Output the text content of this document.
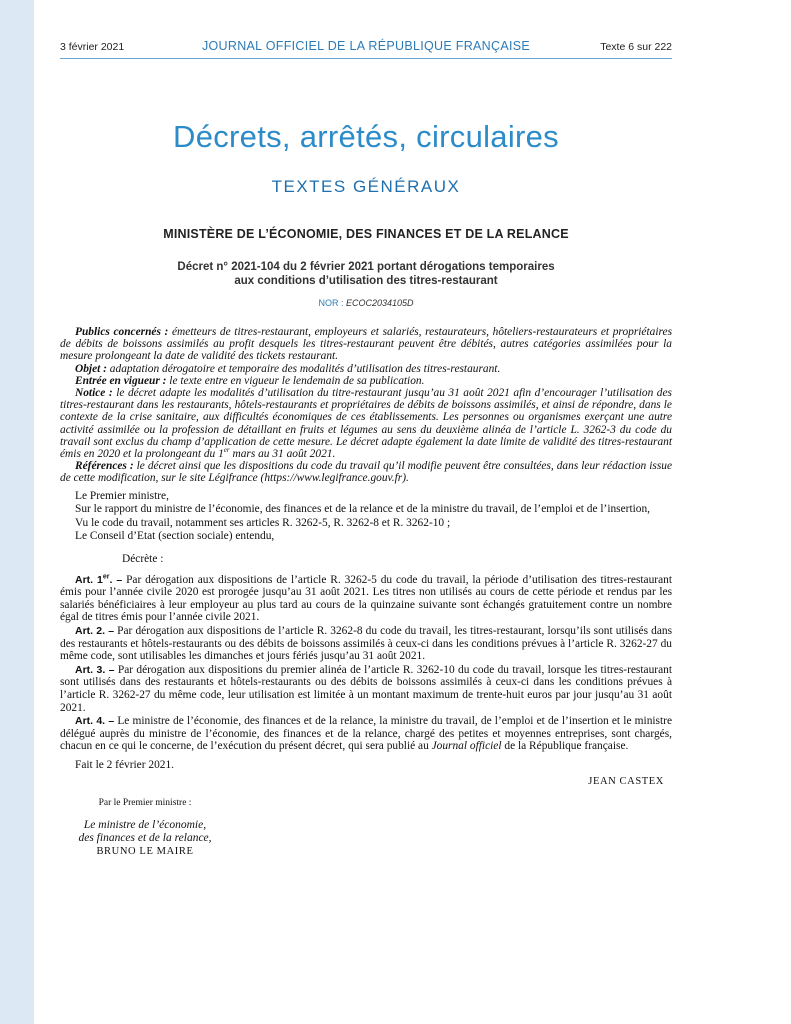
3 février 2021	JOURNAL OFFICIEL DE LA RÉPUBLIQUE FRANÇAISE	Texte 6 sur 222
Décrets, arrêtés, circulaires
TEXTES GÉNÉRAUX
MINISTÈRE DE L’ÉCONOMIE, DES FINANCES ET DE LA RELANCE
Décret n° 2021-104 du 2 février 2021 portant dérogations temporaires
aux conditions d’utilisation des titres-restaurant
NOR : ECOC2034105D

Publics concernés : émetteurs de titres-restaurant, employeurs et salariés, restaurateurs, hôteliers-restaurateurs et propriétaires de débits de boissons assimilés au profit desquels les titres-restaurant peuvent être débités, autres catégories assimilées pour la mesure prolongeant la date de validité des tickets restaurant.

Objet : adaptation dérogatoire et temporaire des modalités d’utilisation des titres-restaurant.

Entrée en vigueur : le texte entre en vigueur le lendemain de sa publication.

Notice : le décret adapte les modalités d’utilisation du titre-restaurant jusqu’au 31 août 2021 afin d’encourager l’utilisation des titres-restaurant dans les restaurants, hôtels-restaurants et propriétaires de débits de boissons assimilés, et ainsi de répondre, dans le contexte de la crise sanitaire, aux difficultés économiques de ces établissements. Les personnes ou organismes exerçant une autre activité assimilée ou la profession de détaillant en fruits et légumes au sens du deuxième alinéa de l’article L. 3262-3 du code du travail sont exclus du champ d’application de cette mesure. Le décret adapte également la date limite de validité des titres-restaurant émis en 2020 et la prolongeant du 1er mars au 31 août 2021.

Références : le décret ainsi que les dispositions du code du travail qu’il modifie peuvent être consultées, dans leur rédaction issue de cette modification, sur le site Légifrance (https://www.legifrance.gouv.fr).

Le Premier ministre,

Sur le rapport du ministre de l’économie, des finances et de la relance et de la ministre du travail, de l’emploi et de l’insertion,

Vu le code du travail, notamment ses articles R. 3262-5, R. 3262-8 et R. 3262-10 ;

Le Conseil d’Etat (section sociale) entendu,

Décrète :

Art. 1er. – Par dérogation aux dispositions de l’article R. 3262-5 du code du travail, la période d’utilisation des titres-restaurant émis pour l’année civile 2020 est prorogée jusqu’au 31 août 2021. Les titres non utilisés au cours de cette période et rendus par les salariés bénéficiaires à leur employeur au plus tard au cours de la quinzaine suivante sont échangés gratuitement contre un nombre égal de titres émis pour l’année civile 2021.

Art. 2. – Par dérogation aux dispositions de l’article R. 3262-8 du code du travail, les titres-restaurant, lorsqu’ils sont utilisés dans des restaurants et hôtels-restaurants ou des débits de boissons assimilés à ceux-ci dans les conditions prévues à l’article R. 3262-27 du même code, sont utilisables les dimanches et jours fériés jusqu’au 31 août 2021.

Art. 3. – Par dérogation aux dispositions du premier alinéa de l’article R. 3262-10 du code du travail, lorsque les titres-restaurant sont utilisés dans des restaurants et hôtels-restaurants ou des débits de boissons assimilés à ceux-ci dans les conditions prévues à l’article R. 3262-27 du même code, leur utilisation est limitée à un montant maximum de trente-huit euros par jour jusqu’au 31 août 2021.

Art. 4. – Le ministre de l’économie, des finances et de la relance, la ministre du travail, de l’emploi et de l’insertion et le ministre délégué auprès du ministre de l’économie, des finances et de la relance, chargé des petites et moyennes entreprises, sont chargés, chacun en ce qui le concerne, de l’exécution du présent décret, qui sera publié au Journal officiel de la République française.

Fait le 2 février 2021.

JEAN CASTEX
Par le Premier ministre :
Le ministre de l’économie,
des finances et de la relance,
BRUNO LE MAIRE
